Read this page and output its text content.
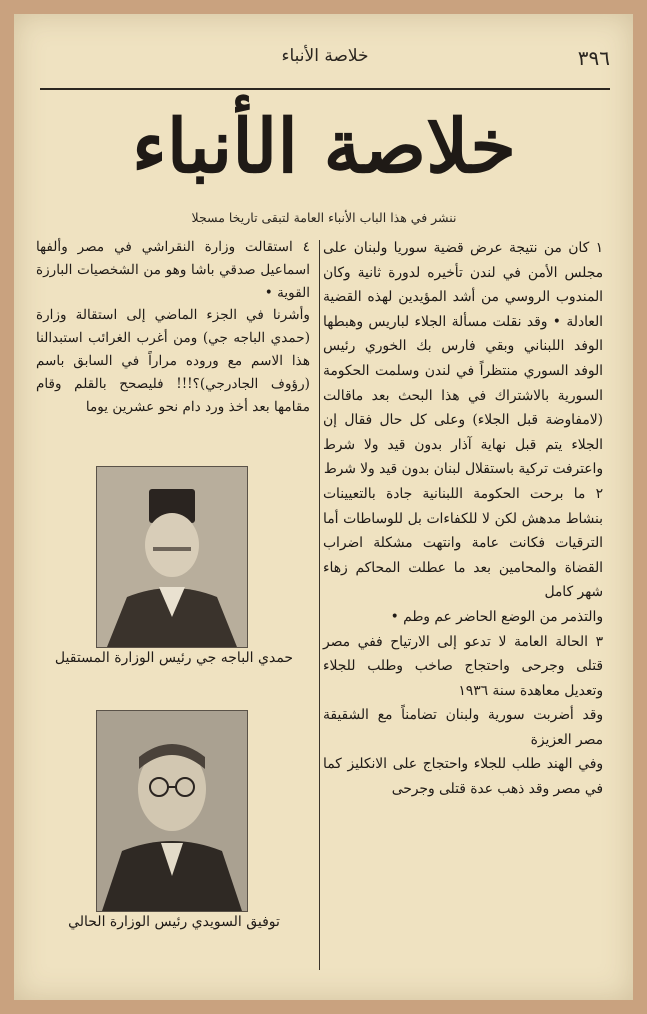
٣٩٦
خلاصة الأنباء
خلاصة الأنباء
ننشر في هذا الباب الأنباء العامة لتبقى تاريخا مسجلا

١ كان من نتيجة عرض قضية سوريا ولبنان على مجلس الأمن في لندن تأخيره لدورة ثانية وكان المندوب الروسي من أشد المؤيدين لهذه القضية العادلة • وقد نقلت مسألة الجلاء لباريس وهبطها الوفد اللبناني وبقي فارس بك الخوري رئيس الوفد السوري منتظراً في لندن وسلمت الحكومة السورية بالاشتراك في هذا البحث بعد ماقالت (لامفاوضة قبل الجلاء) وعلى كل حال فقال إن الجلاء يتم قبل نهاية آذار بدون قيد ولا شرط واعترفت تركية باستقلال لبنان بدون قيد ولا شرط

٢ ما برحت الحكومة اللبنانية جادة بالتعيينات بنشاط مدهش لكن لا للكفاءات بل للوساطات أما الترقيات فكانت عامة وانتهت مشكلة اضراب القضاة والمحامين بعد ما عطلت المحاكم زهاء شهر كامل

والتذمر من الوضع الحاضر عم وطم •

٣ الحالة العامة لا تدعو إلى الارتياح ففي مصر قتلى وجرحى واحتجاج صاخب وطلب للجلاء وتعديل معاهدة سنة ١٩٣٦

وقد أضربت سورية ولبنان تضامناً مع الشقيقة مصر العزيزة

وفي الهند طلب للجلاء واحتجاج على الانكليز كما في مصر وقد ذهب عدة قتلى وجرحى

٤ استقالت وزارة النقراشي في مصر وألفها اسماعيل صدقي باشا وهو من الشخصيات البارزة القوية •

وأشرنا في الجزء الماضي إلى استقالة وزارة (حمدي الباجه جي) ومن أغرب الغرائب استبدالنا هذا الاسم مع وروده مراراً في السابق باسم (رؤوف الجادرجي)؟!!! فليصحح بالقلم وقام مقامها بعد أخذ ورد دام نحو عشرين يوما

حمدي الباجه جي رئيس الوزارة المستقيل
توفيق السويدي رئيس الوزارة الحالي
